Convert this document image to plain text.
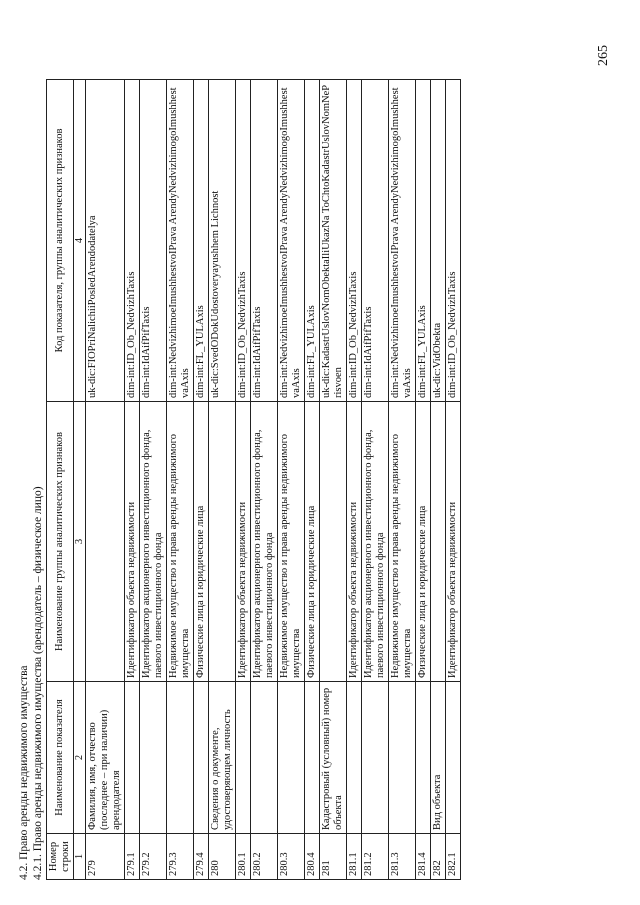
265
4.2. Право аренды недвижимого имущества 4.2.1. Право аренды недвижимого имущества (арендодатель – физическое лицо) Номер строки	Наименование показателя	Наименование группы аналитических признаков	Код показателя, группы аналитических признаков
1	2	3	4
279	Фамилия, имя, отчество (последнее – при наличии) арендодателя		uk-dic:FIOPriNalichiiPoslеdArendodatelya
279.1		Идентификатор объекта недвижимости	dim-int:ID_Ob_NedvizhTaxis
279.2		Идентификатор акционерного инвестиционного фонда, паевого инвестиционного фонда	dim-int:IdAifPifTaxis
279.3		Недвижимое имущество и права аренды недвижимого имущества	dim-int:NedvizhimoeImushhestvoIPrava ArendyNedvizhimogoImushhestvaAxis
279.4		Физические лица и юридические лица	dim-int:FL_YULAxis
280	Сведения о документе, удостоверяющем личность		uk-dic:SvedODokUdostoveryayushhem Lichnost
280.1		Идентификатор объекта недвижимости	dim-int:ID_Ob_NedvizhTaxis
280.2		Идентификатор акционерного инвестиционного фонда, паевого инвестиционного фонда	dim-int:IdAifPifTaxis
280.3		Недвижимое имущество и права аренды недвижимого имущества	dim-int:NedvizhimoeImushhestvoIPrava ArendyNedvizhimogoImushhestvaAxis
280.4		Физические лица и юридические лица	dim-int:FL_YULAxis
281	Кадастровый (условный) номер объекта		uk-dic:KadastrUslovNomObektaIliUkazNa ToChtoKadastrUslovNomNePrisvoen
281.1		Идентификатор объекта недвижимости	dim-int:ID_Ob_NedvizhTaxis
281.2		Идентификатор акционерного инвестиционного фонда, паевого инвестиционного фонда	dim-int:IdAifPifTaxis
281.3		Недвижимое имущество и права аренды недвижимого имущества	dim-int:NedvizhimoeImushhestvoIPrava ArendyNedvizhimogoImushhestvaAxis
281.4		Физические лица и юридические лица	dim-int:FL_YULAxis
282	Вид объекта		uk-dic:VidObekta
282.1		Идентификатор объекта недвижимости	dim-int:ID_Ob_NedvizhTaxis
